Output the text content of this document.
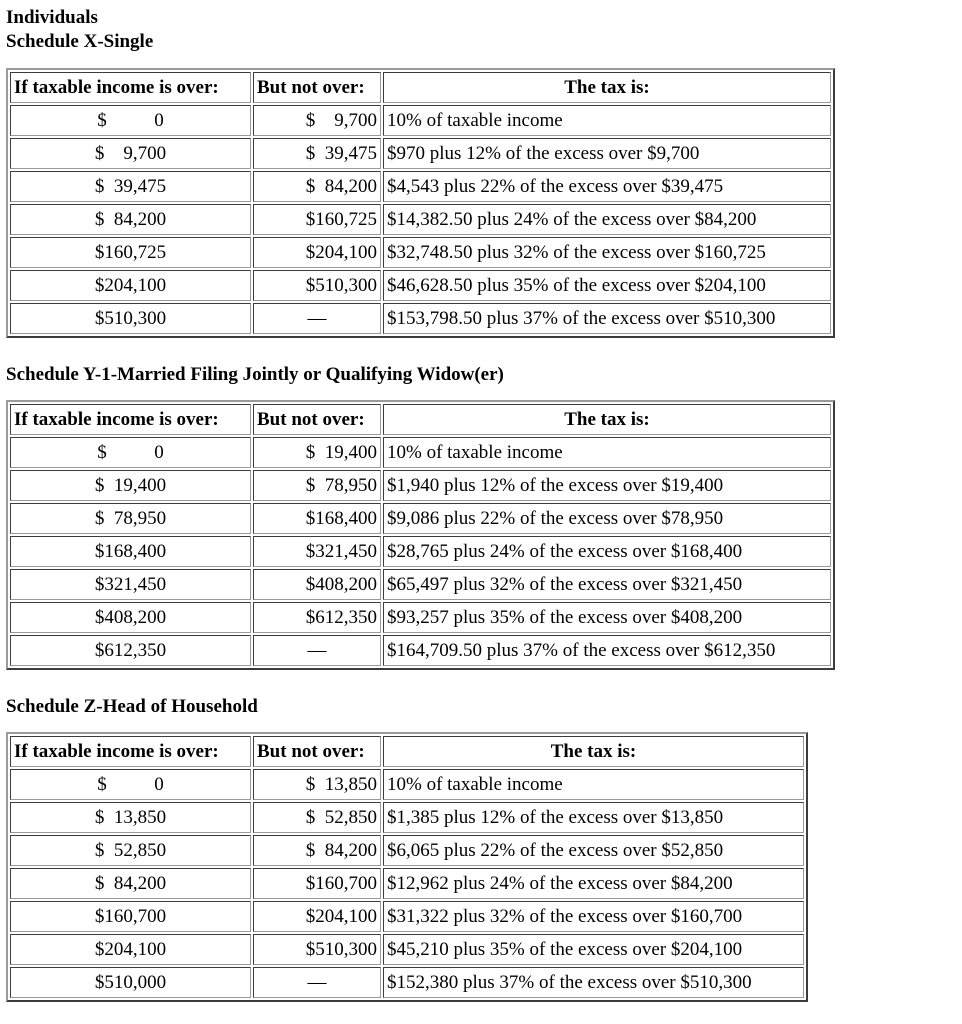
Individuals
Schedule X-Single
If taxable income is over:	But not over:	The tax is:
$          0	$    9,700	10% of taxable income
$    9,700	$  39,475	$970 plus 12% of the excess over $9,700
$  39,475	$  84,200	$4,543 plus 22% of the excess over $39,475
$  84,200	$160,725	$14,382.50 plus 24% of the excess over $84,200
$160,725	$204,100	$32,748.50 plus 32% of the excess over $160,725
$204,100	$510,300	$46,628.50 plus 35% of the excess over $204,100
$510,300	—	$153,798.50 plus 37% of the excess over $510,300
Schedule Y-1-Married Filing Jointly or Qualifying Widow(er)
If taxable income is over:	But not over:	The tax is:
$          0	$  19,400	10% of taxable income
$  19,400	$  78,950	$1,940 plus 12% of the excess over $19,400
$  78,950	$168,400	$9,086 plus 22% of the excess over $78,950
$168,400	$321,450	$28,765 plus 24% of the excess over $168,400
$321,450	$408,200	$65,497 plus 32% of the excess over $321,450
$408,200	$612,350	$93,257 plus 35% of the excess over $408,200
$612,350	—	$164,709.50 plus 37% of the excess over $612,350
Schedule Z-Head of Household
If taxable income is over:	But not over:	The tax is:
$          0	$  13,850	10% of taxable income
$  13,850	$  52,850	$1,385 plus 12% of the excess over $13,850
$  52,850	$  84,200	$6,065 plus 22% of the excess over $52,850
$  84,200	$160,700	$12,962 plus 24% of the excess over $84,200
$160,700	$204,100	$31,322 plus 32% of the excess over $160,700
$204,100	$510,300	$45,210 plus 35% of the excess over $204,100
$510,000	—	$152,380 plus 37% of the excess over $510,300
